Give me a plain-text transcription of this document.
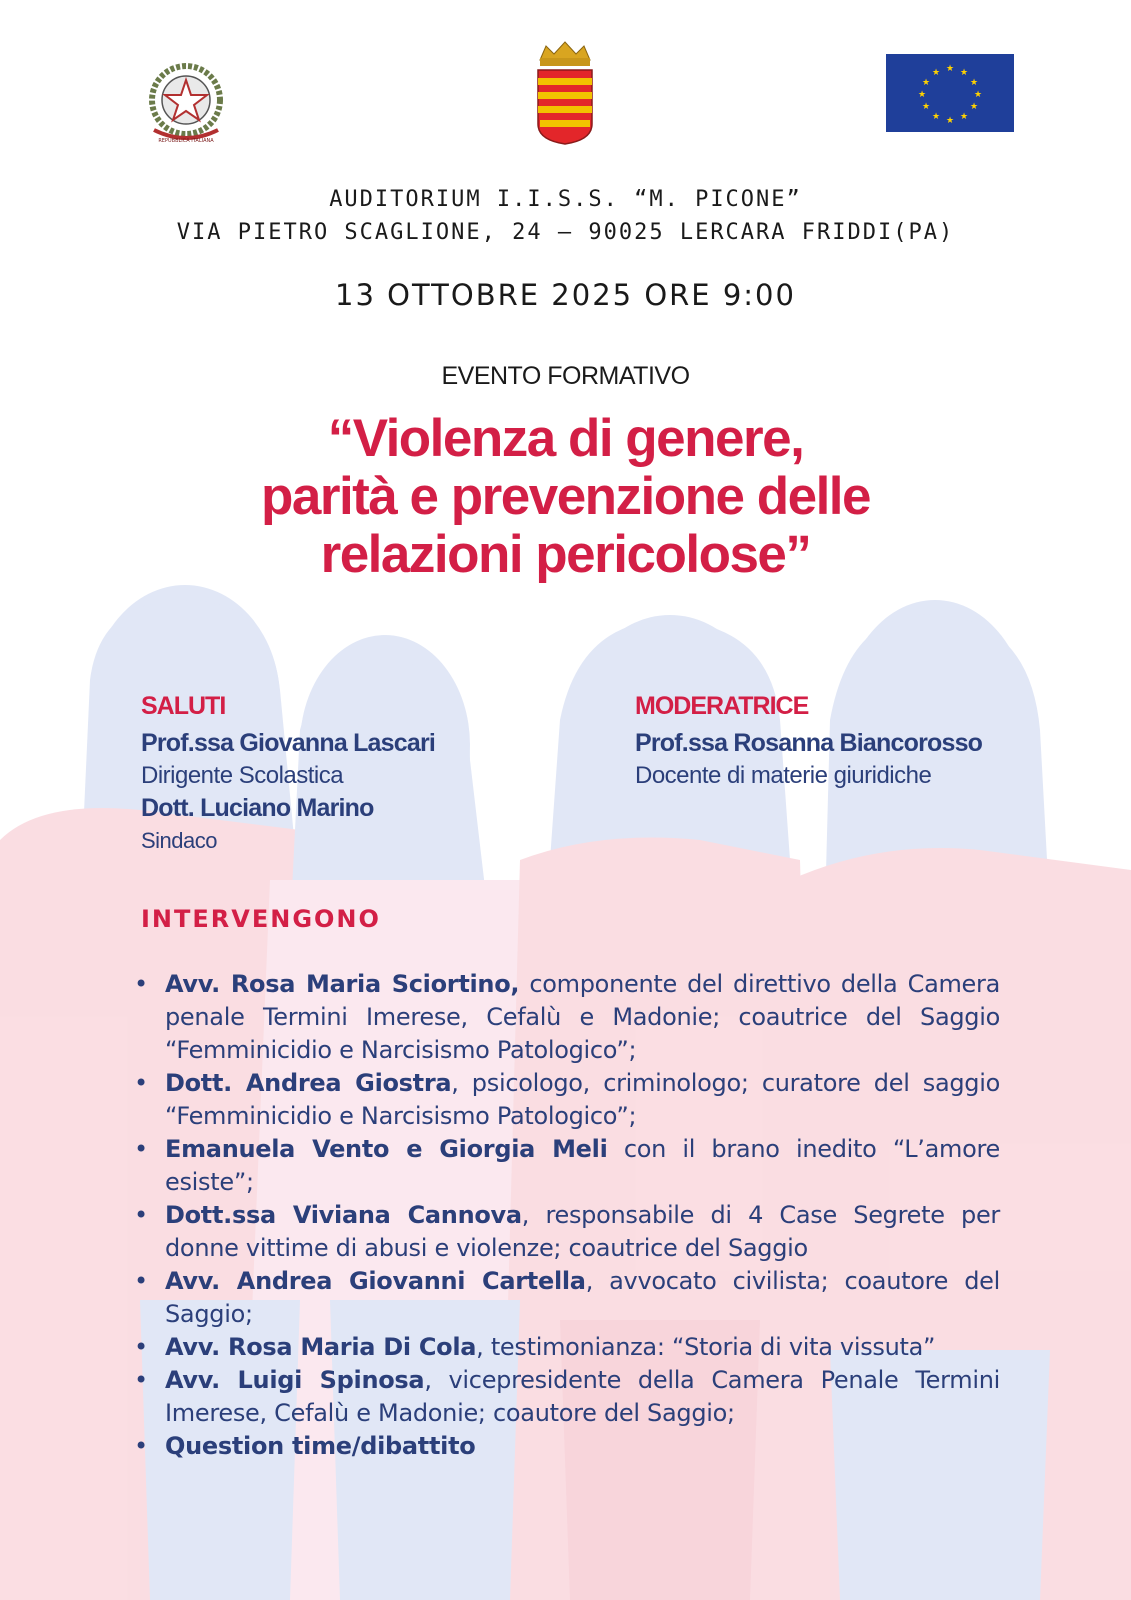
REPUBBLICA ITALIANA
★ ★
★
★
★
★
★
★
★
★
★
★
AUDITORIUM I.I.S.S. “M. PICONE”
VIA PIETRO SCAGLIONE, 24 – 90025 LERCARA FRIDDI(PA)
13 OTTOBRE 2025 ORE 9:00
EVENTO FORMATIVO
“Violenza di genere,
parità e prevenzione delle
relazioni pericolose”
SALUTI
Prof.ssa Giovanna Lascari
Dirigente Scolastica
Dott. Luciano Marino
Sindaco
MODERATRICE
Prof.ssa Rosanna Biancorosso
Docente di materie giuridiche
INTERVENGONO
• Avv. Rosa Maria Sciortino, componente del direttivo della Camera penale Termini Imerese, Cefalù e Madonie; coautrice del Saggio “Femminicidio e Narcisismo Patologico”;
• Dott. Andrea Giostra, psicologo, criminologo; curatore del saggio “Femminicidio e Narcisismo Patologico”;
• Emanuela Vento e Giorgia Meli con il brano inedito “L’amore esiste”;
• Dott.ssa Viviana Cannova, responsabile di 4 Case Segrete per donne vittime di abusi e violenze; coautrice del Saggio
• Avv. Andrea Giovanni Cartella, avvocato civilista; coautore del Saggio;
• Avv. Rosa Maria Di Cola, testimonianza: “Storia di vita vissuta”
• Avv. Luigi Spinosa, vicepresidente della Camera Penale Termini Imerese, Cefalù e Madonie; coautore del Saggio;
• Question time/dibattito
